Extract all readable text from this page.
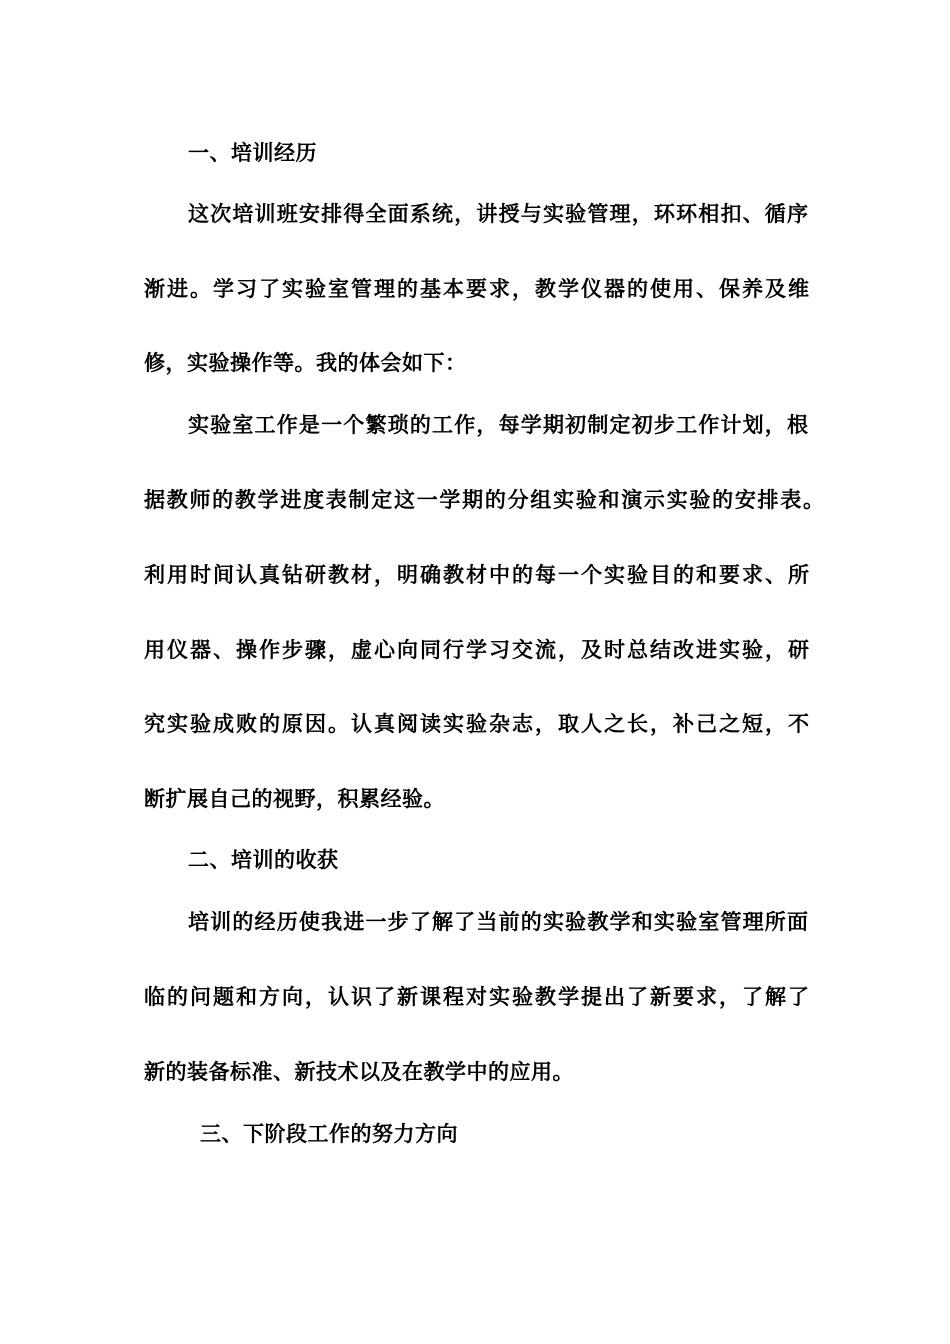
一、培训经历
这次培训班安排得全面系统，讲授与实验管理，环环相扣、循序
渐进。学习了实验室管理的基本要求，教学仪器的使用、保养及维
修，实验操作等。我的体会如下：
实验室工作是一个繁琐的工作，每学期初制定初步工作计划，根
据教师的教学进度表制定这一学期的分组实验和演示实验的安排表。
利用时间认真钻研教材，明确教材中的每一个实验目的和要求、所
用仪器、操作步骤，虚心向同行学习交流，及时总结改进实验，研
究实验成败的原因。认真阅读实验杂志，取人之长，补己之短，不
断扩展自己的视野，积累经验。
二、培训的收获
培训的经历使我进一步了解了当前的实验教学和实验室管理所面
临的问题和方向，认识了新课程对实验教学提出了新要求，了解了
新的装备标准、新技术以及在教学中的应用。
三、下阶段工作的努力方向
